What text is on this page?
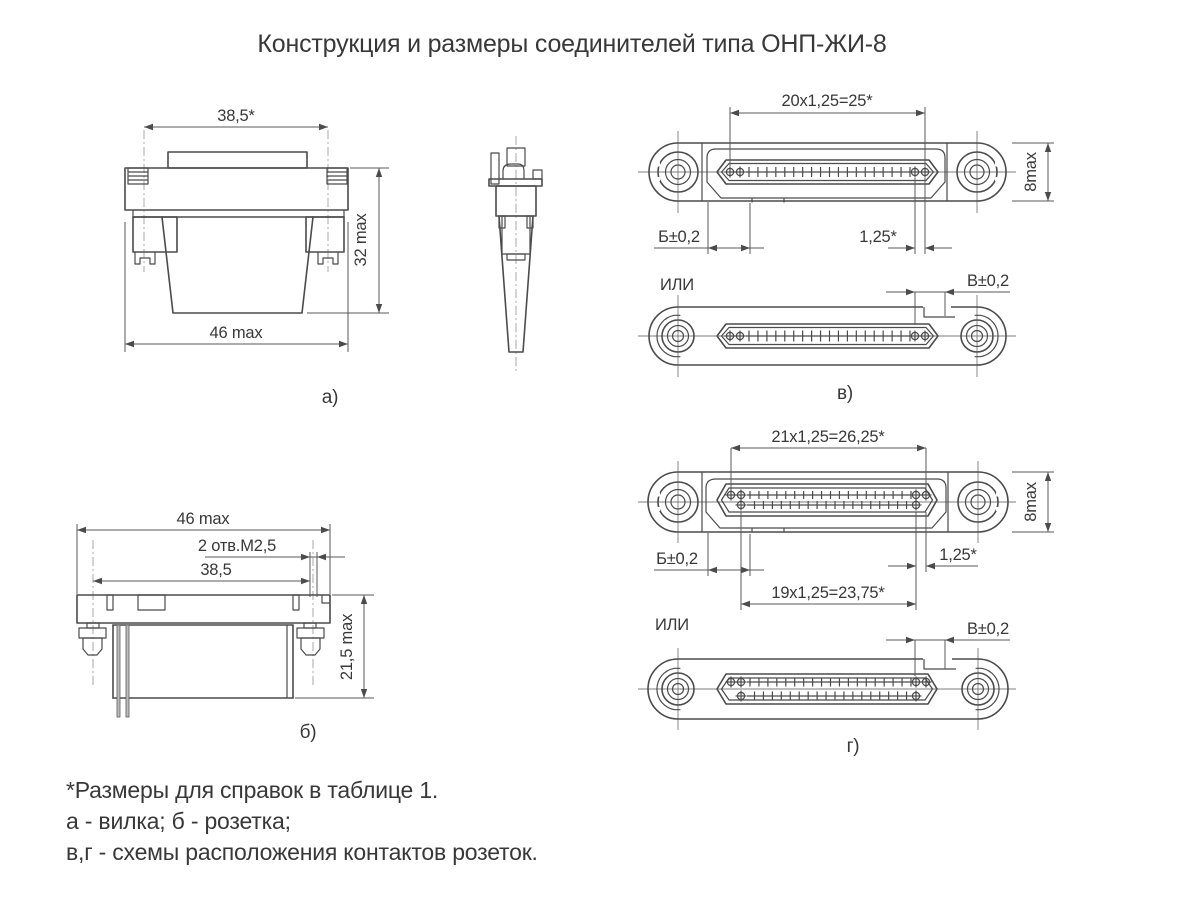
Конструкция и размеры соединителей типа ОНП-ЖИ-8
38,5*
32 max
46 max
а)
46 max
2 отв.М2,5
38,5
21,5 max
б)
20х1,25=25*
Б±0,2	1,25*
8max
ИЛИ	В±0,2
в)
21х1,25=26,25*
Б±0,2	1,25*
19х1,25=23,75*
8max
ИЛИ	В±0,2
г)
*Размеры для справок в таблице 1.
а - вилка; б - розетка;
в,г - схемы расположения контактов розеток.
